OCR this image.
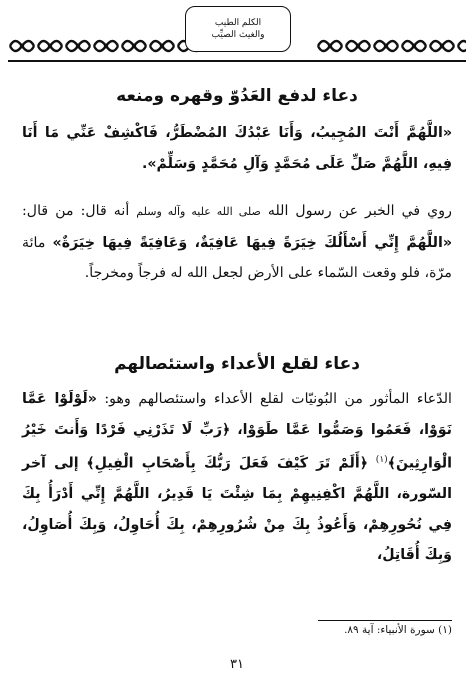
الكلم الطيب
والغيث الصيِّب
دعاء لدفع العَدُوّ وقهره ومنعه
«اللَّهُمَّ أَنْتَ المُجِيبُ، وَأَنَا عَبْدُكَ المُضْطَرُّ، فَاكْشِفْ عَنِّي مَا أَنَا فِيهِ، اللَّهُمَّ صَلِّ عَلَى مُحَمَّدٍ وَآلِ مُحَمَّدٍ وَسَلِّمْ».
روي في الخبر عن رسول الله صلى الله عليه وآله وسلم أنه قال: من قال: «اللَّهُمَّ إِنِّي أَسْأَلُكَ خِيَرَةً فِيهَا عَافِيَةٌ، وَعَافِيَةً فِيهَا خِيَرَةٌ» مائة مرّة، فلو وقعت السّماء على الأرض لجعل الله له فرجاً ومخرجاً.
دعاء لقلع الأعداء واستئصالهم
الدّعاء المأثور من البُونيّات لقلع الأعداء واستئصالهم وهو: «لَوْلَوْا عَمَّا نَوَوْا، فَعَمُوا وَصَمُّوا عَمَّا طَوَوْا، ﴿رَبِّ لَا تَذَرْنِي فَرْدًا وَأَنتَ خَيْرُ الْوَارِثِينَ﴾$^{(١)}$ ﴿أَلَمْ تَرَ كَيْفَ فَعَلَ رَبُّكَ بِأَصْحَابِ الْفِيلِ﴾ إلى آخر السّورة، اللَّهُمَّ اكْفِنِيهِمْ بِمَا شِئْتَ يَا قَدِيرُ، اللَّهُمَّ إِنِّي أَدْرَأُ بِكَ فِي نُحُورِهِمْ، وَأَعُوذُ بِكَ مِنْ شُرُورِهِمْ، بِكَ أُحَاوِلُ، وَبِكَ أُصَاوِلُ، وَبِكَ أُقَاتِلُ،
(١) سورة الأنبياء: آية ٨٩.
٣١
